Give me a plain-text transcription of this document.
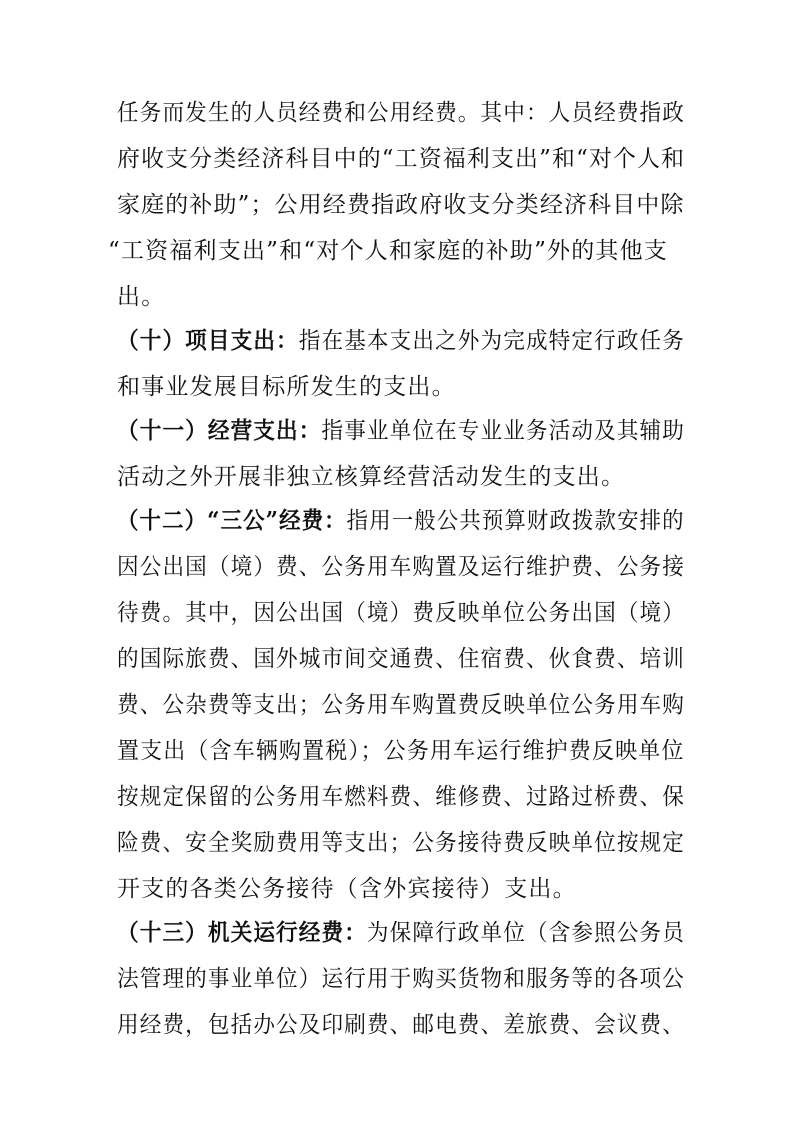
任务而发生的人员经费和公用经费。其中：人员经费指政
府收支分类经济科目中的“工资福利支出”和“对个人和
家庭的补助”；公用经费指政府收支分类经济科目中除
“工资福利支出”和“对个人和家庭的补助”外的其他支
出。
（十）项目支出：指在基本支出之外为完成特定行政任务
和事业发展目标所发生的支出。
（十一）经营支出：指事业单位在专业业务活动及其辅助
活动之外开展非独立核算经营活动发生的支出。
（十二）“三公”经费：指用一般公共预算财政拨款安排的
因公出国（境）费、公务用车购置及运行维护费、公务接
待费。其中，因公出国（境）费反映单位公务出国（境）
的国际旅费、国外城市间交通费、住宿费、伙食费、培训
费、公杂费等支出；公务用车购置费反映单位公务用车购
置支出（含车辆购置税）；公务用车运行维护费反映单位
按规定保留的公务用车燃料费、维修费、过路过桥费、保
险费、安全奖励费用等支出；公务接待费反映单位按规定
开支的各类公务接待（含外宾接待）支出。
（十三）机关运行经费：为保障行政单位（含参照公务员
法管理的事业单位）运行用于购买货物和服务等的各项公
用经费，包括办公及印刷费、邮电费、差旅费、会议费、
